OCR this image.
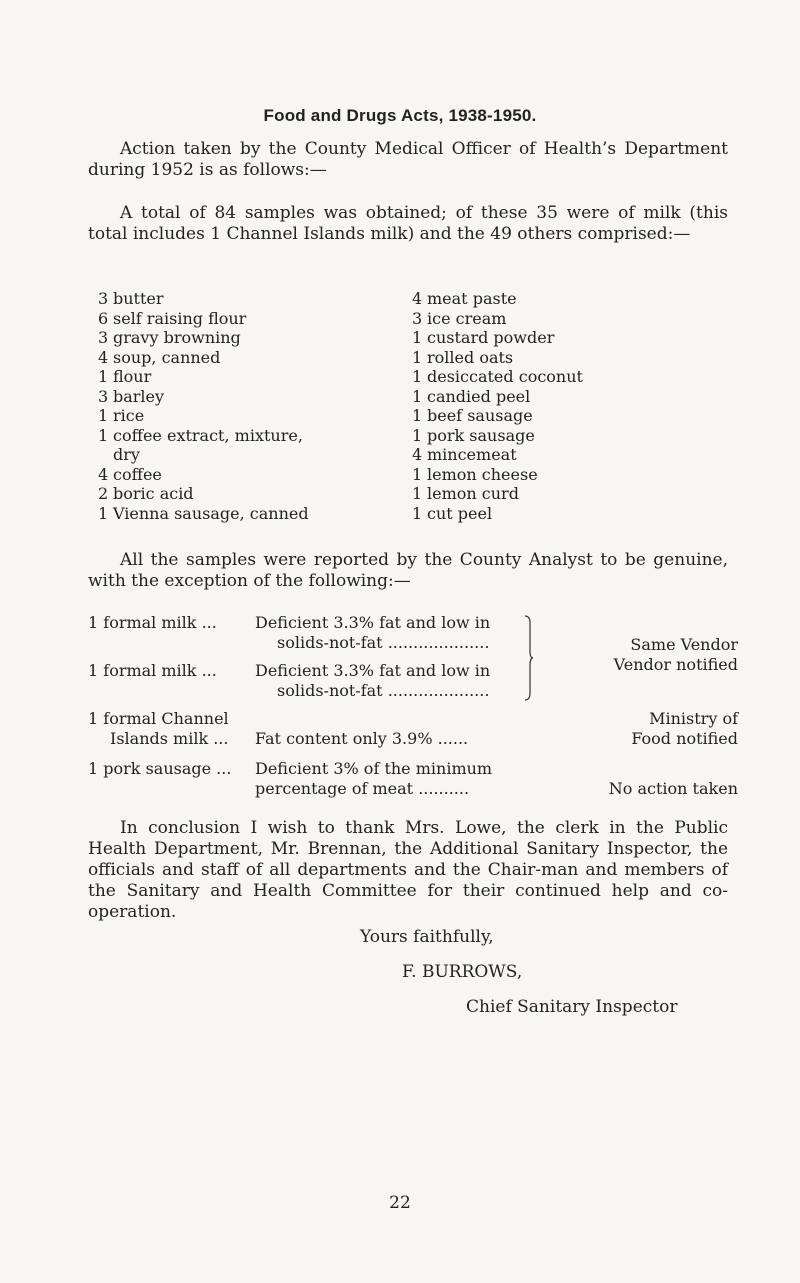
Food and Drugs Acts, 1938-1950.
Action taken by the County Medical Officer of Health’s Department during 1952 is as follows:—
A total of 84 samples was obtained; of these 35 were of milk (this total includes 1 Channel Islands milk) and the 49 others comprised:—
3 butter
6 self raising flour
3 gravy browning
4 soup, canned
1 flour
3 barley
1 rice
1 coffee extract, mixture,
dry
4 coffee
2 boric acid
1 Vienna sausage, canned
4 meat paste
3 ice cream
1 custard powder
1 rolled oats
1 desiccated coconut
1 candied peel
1 beef sausage
1 pork sausage
4 mincemeat
1 lemon cheese
1 lemon curd
1 cut peel
All the samples were reported by the County Analyst to be genuine, with the exception of the following:—
1 formal milk ... Deficient 3.3% fat and low in
solids-not-fat ....................
1 formal milk ... Deficient 3.3% fat and low in
solids-not-fat ....................
Same Vendor
Vendor notified
1 formal Channel
Islands milk ... Fat content only 3.9% ......
Ministry of
Food notified
1 pork sausage ... Deficient 3% of the minimum
percentage of meat ..........	No action taken
In conclusion I wish to thank Mrs. Lowe, the clerk in the Public Health Department, Mr. Brennan, the Additional Sanitary Inspector, the officials and staff of all departments and the Chair-man and members of the Sanitary and Health Committee for their continued help and co-operation.
Yours faithfully,
F. BURROWS,
Chief Sanitary Inspector
22
